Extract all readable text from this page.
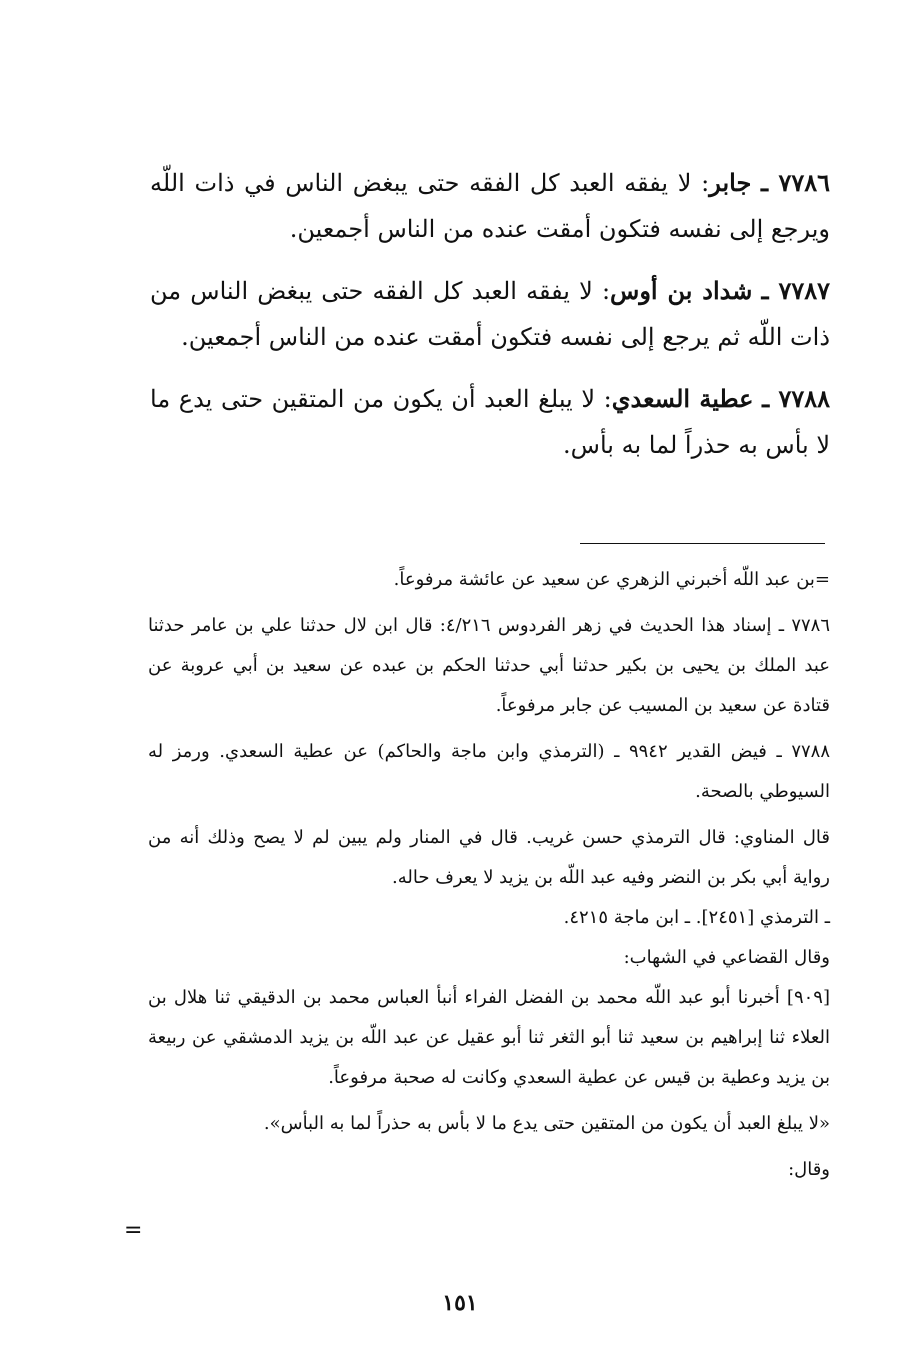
٧٧٨٦ ـ جابر: لا يفقه العبد كل الفقه حتى يبغض الناس في ذات اللّه ويرجع إلى نفسه فتكون أمقت عنده من الناس أجمعين.

٧٧٨٧ ـ شداد بن أوس: لا يفقه العبد كل الفقه حتى يبغض الناس من ذات اللّه ثم يرجع إلى نفسه فتكون أمقت عنده من الناس أجمعين.

٧٧٨٨ ـ عطية السعدي: لا يبلغ العبد أن يكون من المتقين حتى يدع ما لا بأس به حذراً لما به بأس.

=بن عبد اللّه أخبرني الزهري عن سعيد عن عائشة مرفوعاً.

٧٧٨٦ ـ إسناد هذا الحديث في زهر الفردوس ٤/٢١٦: قال ابن لال حدثنا علي بن عامر حدثنا عبد الملك بن يحيى بن بكير حدثنا أبي حدثنا الحكم بن عبده عن سعيد بن أبي عروبة عن قتادة عن سعيد بن المسيب عن جابر مرفوعاً.

٧٧٨٨ ـ فيض القدير ٩٩٤٢ ـ (الترمذي وابن ماجة والحاكم) عن عطية السعدي. ورمز له السيوطي بالصحة.

قال المناوي: قال الترمذي حسن غريب. قال في المنار ولم يبين لم لا يصح وذلك أنه من رواية أبي بكر بن النضر وفيه عبد اللّه بن يزيد لا يعرف حاله.

ـ الترمذي [٢٤٥١]. ـ ابن ماجة ٤٢١٥.

وقال القضاعي في الشهاب:

[٩٠٩] أخبرنا أبو عبد اللّه محمد بن الفضل الفراء أنبأ العباس محمد بن الدقيقي ثنا هلال بن العلاء ثنا إبراهيم بن سعيد ثنا أبو الثغر ثنا أبو عقيل عن عبد اللّه بن يزيد الدمشقي عن ربيعة بن يزيد وعطية بن قيس عن عطية السعدي وكانت له صحبة مرفوعاً.

«لا يبلغ العبد أن يكون من المتقين حتى يدع ما لا بأس به حذراً لما به البأس».

وقال:

=
١٥١
